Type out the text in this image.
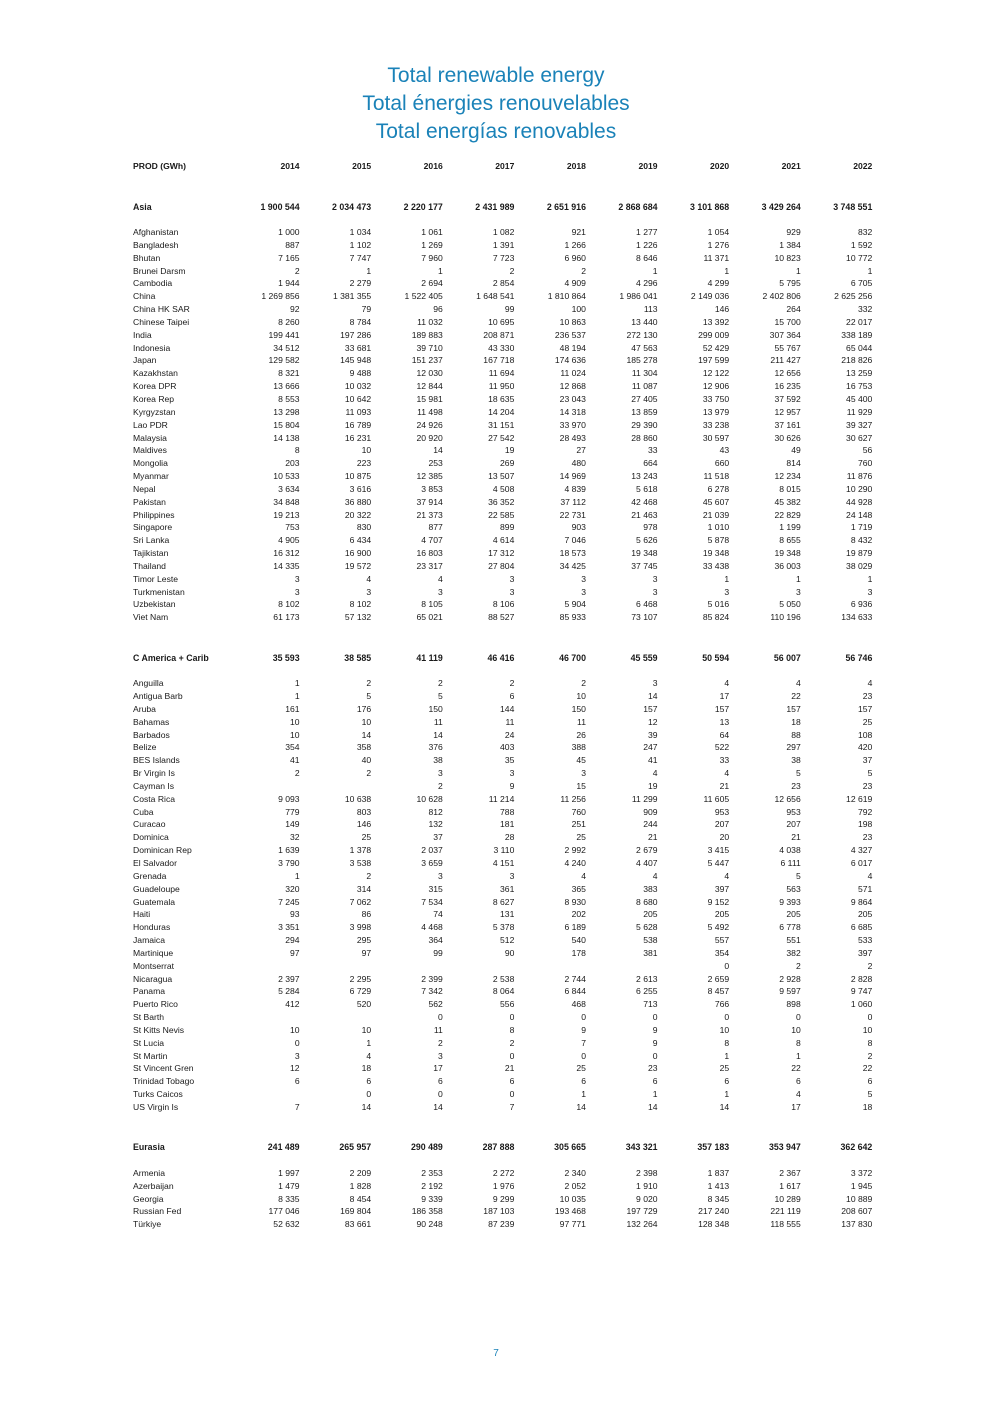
Total renewable energy
Total énergies renouvelables
Total energías renovables
PROD (GWh)	2014	2015	2016	2017	2018	2019	2020	2021	2022

Asia	1 900 544	2 034 473	2 220 177	2 431 989	2 651 916	2 868 684	3 101 868	3 429 264	3 748 551

Afghanistan	1 000	1 034	1 061	1 082	921	1 277	1 054	929	832
Bangladesh	887	1 102	1 269	1 391	1 266	1 226	1 276	1 384	1 592
Bhutan	7 165	7 747	7 960	7 723	6 960	8 646	11 371	10 823	10 772
Brunei Darsm	2	1	1	2	2	1	1	1	1
Cambodia	1 944	2 279	2 694	2 854	4 909	4 296	4 299	5 795	6 705
China	1 269 856	1 381 355	1 522 405	1 648 541	1 810 864	1 986 041	2 149 036	2 402 806	2 625 256
China HK SAR	92	79	96	99	100	113	146	264	332
Chinese Taipei	8 260	8 784	11 032	10 695	10 863	13 440	13 392	15 700	22 017
India	199 441	197 286	189 883	208 871	236 537	272 130	299 009	307 364	338 189
Indonesia	34 512	33 681	39 710	43 330	48 194	47 563	52 429	55 767	65 044
Japan	129 582	145 948	151 237	167 718	174 636	185 278	197 599	211 427	218 826
Kazakhstan	8 321	9 488	12 030	11 694	11 024	11 304	12 122	12 656	13 259
Korea DPR	13 666	10 032	12 844	11 950	12 868	11 087	12 906	16 235	16 753
Korea Rep	8 553	10 642	15 981	18 635	23 043	27 405	33 750	37 592	45 400
Kyrgyzstan	13 298	11 093	11 498	14 204	14 318	13 859	13 979	12 957	11 929
Lao PDR	15 804	16 789	24 926	31 151	33 970	29 390	33 238	37 161	39 327
Malaysia	14 138	16 231	20 920	27 542	28 493	28 860	30 597	30 626	30 627
Maldives	8	10	14	19	27	33	43	49	56
Mongolia	203	223	253	269	480	664	660	814	760
Myanmar	10 533	10 875	12 385	13 507	14 969	13 243	11 518	12 234	11 876
Nepal	3 634	3 616	3 853	4 508	4 839	5 618	6 278	8 015	10 290
Pakistan	34 848	36 880	37 914	36 352	37 112	42 468	45 607	45 382	44 928
Philippines	19 213	20 322	21 373	22 585	22 731	21 463	21 039	22 829	24 148
Singapore	753	830	877	899	903	978	1 010	1 199	1 719
Sri Lanka	4 905	6 434	4 707	4 614	7 046	5 626	5 878	8 655	8 432
Tajikistan	16 312	16 900	16 803	17 312	18 573	19 348	19 348	19 348	19 879
Thailand	14 335	19 572	23 317	27 804	34 425	37 745	33 438	36 003	38 029
Timor Leste	3	4	4	3	3	3	1	1	1
Turkmenistan	3	3	3	3	3	3	3	3	3
Uzbekistan	8 102	8 102	8 105	8 106	5 904	6 468	5 016	5 050	6 936
Viet Nam	61 173	57 132	65 021	88 527	85 933	73 107	85 824	110 196	134 633

C America + Carib	35 593	38 585	41 119	46 416	46 700	45 559	50 594	56 007	56 746

Anguilla	1	2	2	2	2	3	4	4	4
Antigua Barb	1	5	5	6	10	14	17	22	23
Aruba	161	176	150	144	150	157	157	157	157
Bahamas	10	10	11	11	11	12	13	18	25
Barbados	10	14	14	24	26	39	64	88	108
Belize	354	358	376	403	388	247	522	297	420
BES Islands	41	40	38	35	45	41	33	38	37
Br Virgin Is	2	2	3	3	3	4	4	5	5
Cayman Is			2	9	15	19	21	23	23
Costa Rica	9 093	10 638	10 628	11 214	11 256	11 299	11 605	12 656	12 619
Cuba	779	803	812	788	760	909	953	953	792
Curacao	149	146	132	181	251	244	207	207	198
Dominica	32	25	37	28	25	21	20	21	23
Dominican Rep	1 639	1 378	2 037	3 110	2 992	2 679	3 415	4 038	4 327
El Salvador	3 790	3 538	3 659	4 151	4 240	4 407	5 447	6 111	6 017
Grenada	1	2	3	3	4	4	4	5	4
Guadeloupe	320	314	315	361	365	383	397	563	571
Guatemala	7 245	7 062	7 534	8 627	8 930	8 680	9 152	9 393	9 864
Haiti	93	86	74	131	202	205	205	205	205
Honduras	3 351	3 998	4 468	5 378	6 189	5 628	5 492	6 778	6 685
Jamaica	294	295	364	512	540	538	557	551	533
Martinique	97	97	99	90	178	381	354	382	397
Montserrat							0	2	2
Nicaragua	2 397	2 295	2 399	2 538	2 744	2 613	2 659	2 928	2 828
Panama	5 284	6 729	7 342	8 064	6 844	6 255	8 457	9 597	9 747
Puerto Rico	412	520	562	556	468	713	766	898	1 060
St Barth			0	0	0	0	0	0	0
St Kitts Nevis	10	10	11	8	9	9	10	10	10
St Lucia	0	1	2	2	7	9	8	8	8
St Martin	3	4	3	0	0	0	1	1	2
St Vincent Gren	12	18	17	21	25	23	25	22	22
Trinidad Tobago	6	6	6	6	6	6	6	6	6
Turks Caicos		0	0	0	1	1	1	4	5
US Virgin Is	7	14	14	7	14	14	14	17	18

Eurasia	241 489	265 957	290 489	287 888	305 665	343 321	357 183	353 947	362 642

Armenia	1 997	2 209	2 353	2 272	2 340	2 398	1 837	2 367	3 372
Azerbaijan	1 479	1 828	2 192	1 976	2 052	1 910	1 413	1 617	1 945
Georgia	8 335	8 454	9 339	9 299	10 035	9 020	8 345	10 289	10 889
Russian Fed	177 046	169 804	186 358	187 103	193 468	197 729	217 240	221 119	208 607
Türkiye	52 632	83 661	90 248	87 239	97 771	132 264	128 348	118 555	137 830
7
